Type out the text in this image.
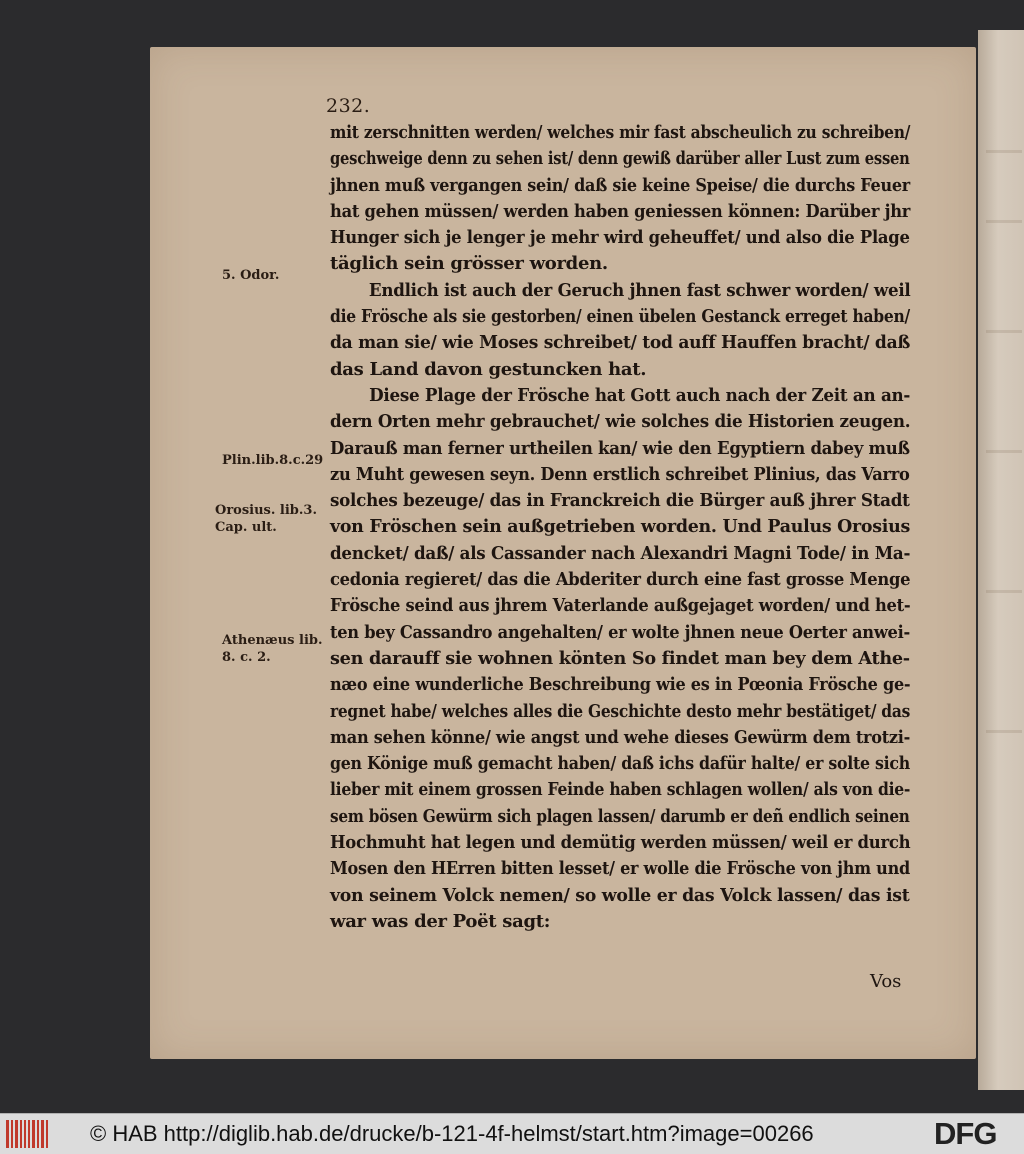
232.
mit zerschnitten werden/ welches mir fast abscheulich zu schreiben/
geschweige denn zu sehen ist/ denn gewiß darüber aller Lust zum essen
jhnen muß vergangen sein/ daß sie keine Speise/ die durchs Feuer
hat gehen müssen/ werden haben geniessen können: Darüber jhr
Hunger sich je lenger je mehr wird geheuffet/ und also die Plage
täglich sein grösser worden.
Endlich ist auch der Geruch jhnen fast schwer worden/ weil
die Frösche als sie gestorben/ einen übelen Gestanck erreget haben/
da man sie/ wie Moses schreibet/ tod auff Hauffen bracht/ daß
das Land davon gestuncken hat.
Diese Plage der Frösche hat Gott auch nach der Zeit an an-
dern Orten mehr gebrauchet/ wie solches die Historien zeugen.
Darauß man ferner urtheilen kan/ wie den Egyptiern dabey muß
zu Muht gewesen seyn. Denn erstlich schreibet Plinius, das Varro
solches bezeuge/ das in Franckreich die Bürger auß jhrer Stadt
von Fröschen sein außgetrieben worden. Und Paulus Orosius
dencket/ daß/ als Cassander nach Alexandri Magni Tode/ in Ma-
cedonia regieret/ das die Abderiter durch eine fast grosse Menge
Frösche seind aus jhrem Vaterlande außgejaget worden/ und het-
ten bey Cassandro angehalten/ er wolte jhnen neue Oerter anwei-
sen darauff sie wohnen könten So findet man bey dem Athe-
næo eine wunderliche Beschreibung wie es in Pœonia Frösche ge-
regnet habe/ welches alles die Geschichte desto mehr bestätiget/ das
man sehen könne/ wie angst und wehe dieses Gewürm dem trotzi-
gen Könige muß gemacht haben/ daß ichs dafür halte/ er solte sich
lieber mit einem grossen Feinde haben schlagen wollen/ als von die-
sem bösen Gewürm sich plagen lassen/ darumb er deñ endlich seinen
Hochmuht hat legen und demütig werden müssen/ weil er durch
Mosen den HErren bitten lesset/ er wolle die Frösche von jhm und
von seinem Volck nemen/ so wolle er das Volck lassen/ das ist
war was der Poët sagt:
5. Odor.
Plin.lib.8.c.29
Orosius. lib.3.
Cap. ult.
Athenæus lib.
8. c. 2.
Vos
© HAB http://diglib.hab.de/drucke/b-121-4f-helmst/start.htm?image=00266	DFG
